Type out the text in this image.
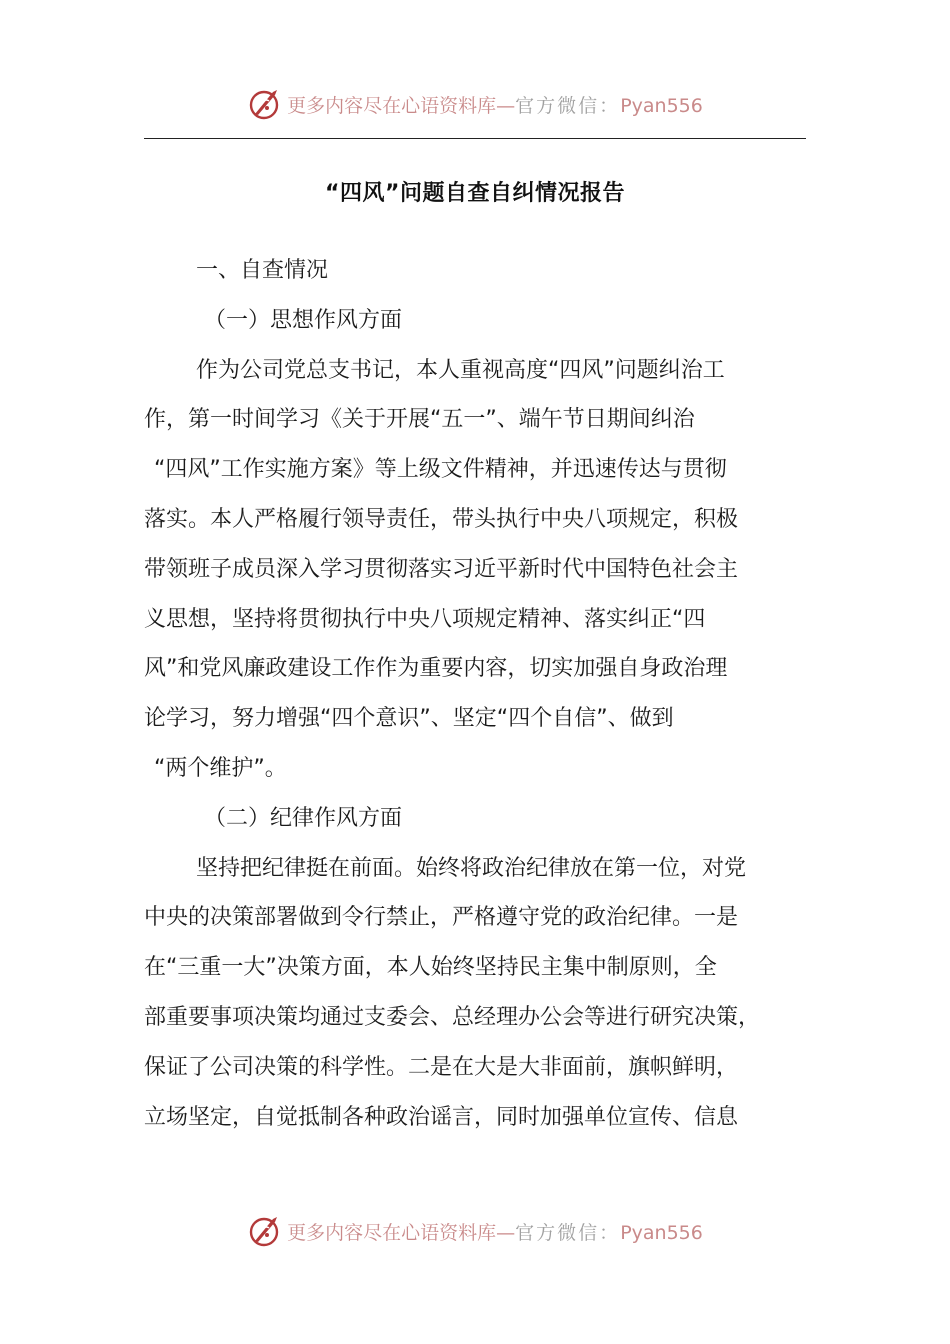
更多内容尽在心语资料库—官方微信：Pyan556
“四风”问题自查自纠情况报告
一、自查情况
（一）思想作风方面
作为公司党总支书记，本人重视高度“四风”问题纠治工
作，第一时间学习《关于开展“五一”、端午节日期间纠治
“四风”工作实施方案》等上级文件精神，并迅速传达与贯彻
落实。本人严格履行领导责任，带头执行中央八项规定，积极
带领班子成员深入学习贯彻落实习近平新时代中国特色社会主
义思想，坚持将贯彻执行中央八项规定精神、落实纠正“四
风”和党风廉政建设工作作为重要内容，切实加强自身政治理
论学习，努力增强“四个意识”、坚定“四个自信”、做到
“两个维护”。
（二）纪律作风方面
坚持把纪律挺在前面。始终将政治纪律放在第一位，对党
中央的决策部署做到令行禁止，严格遵守党的政治纪律。一是
在“三重一大”决策方面，本人始终坚持民主集中制原则，全
部重要事项决策均通过支委会、总经理办公会等进行研究决策，
保证了公司决策的科学性。二是在大是大非面前，旗帜鲜明，
立场坚定，自觉抵制各种政治谣言，同时加强单位宣传、信息
更多内容尽在心语资料库—官方微信：Pyan556
